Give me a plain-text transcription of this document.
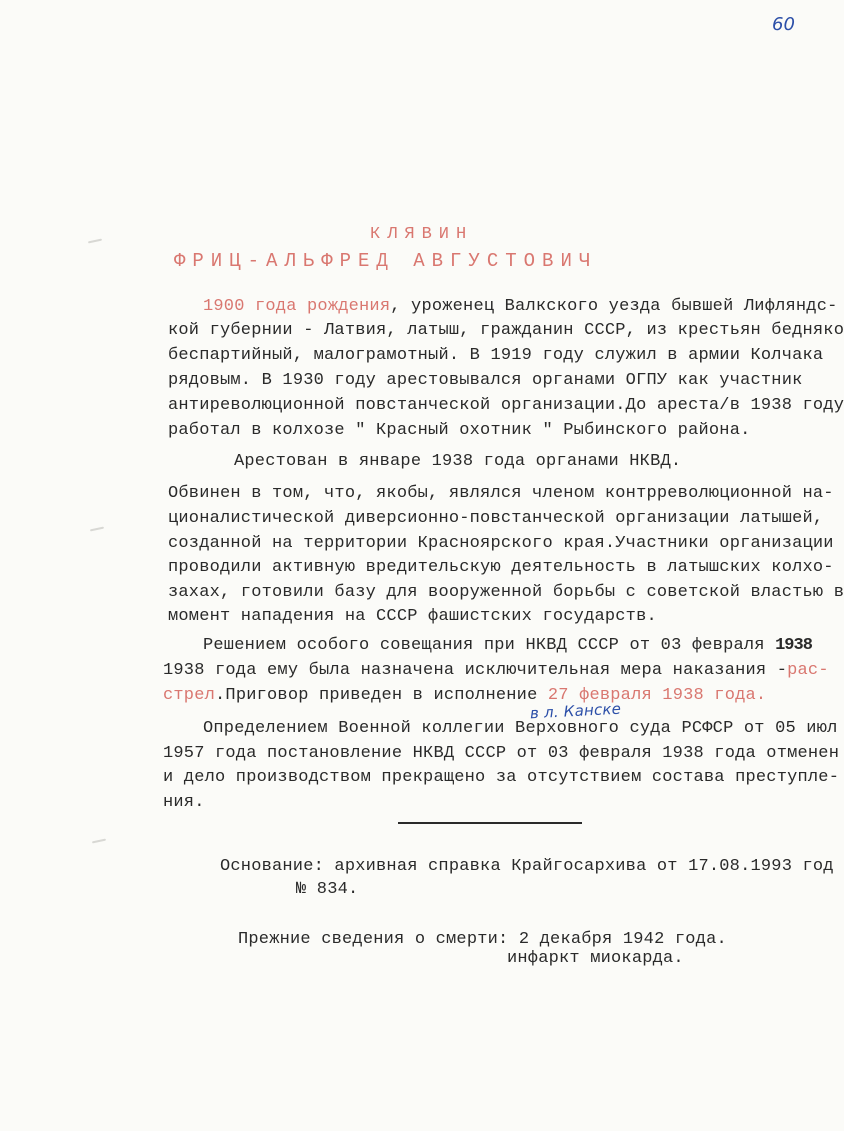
60
КЛЯВИН
ФРИЦ-АЛЬФРЕД АВГУСТОВИЧ
1900 года рождения, уроженец Валкского уезда бывшей Лифляндс-
кой губернии - Латвия, латыш, гражданин СССР, из крестьян бедняко
беспартийный, малограмотный. В 1919 году служил в армии Колчака
рядовым. В 1930 году арестовывался органами ОГПУ как участник
антиреволюционной повстанческой организации.До ареста/в 1938 году
работал в колхозе " Красный охотник " Рыбинского района.
Арестован в январе 1938 года органами НКВД.
Обвинен в том, что, якобы, являлся членом контрреволюционной на-
ционалистической диверсионно-повстанческой организации латышей,
созданной на территории Красноярского края.Участники организации
проводили активную вредительскую деятельность в латышских колхо-
захах, готовили базу для вооруженной борьбы с советской властью в
момент нападения на СССР фашистских государств.
Решением особого совещания при НКВД СССР от 03 февраля 1938
1938 года ему была назначена исключительная мера наказания -рас-
стрел.Приговор приведен в исполнение 27 февраля 1938 года.
в л. Канске
Определением Военной коллегии Верховного суда РСФСР от 05 июл
1957 года постановление НКВД СССР от 03 февраля 1938 года отменен
и дело производством прекращено за отсутствием состава преступле-
ния.
Основание: архивная справка Крайгосархива от 17.08.1993 год
№ 834.
Прежние сведения о смерти: 2 декабря 1942 года.
инфаркт миокарда.
